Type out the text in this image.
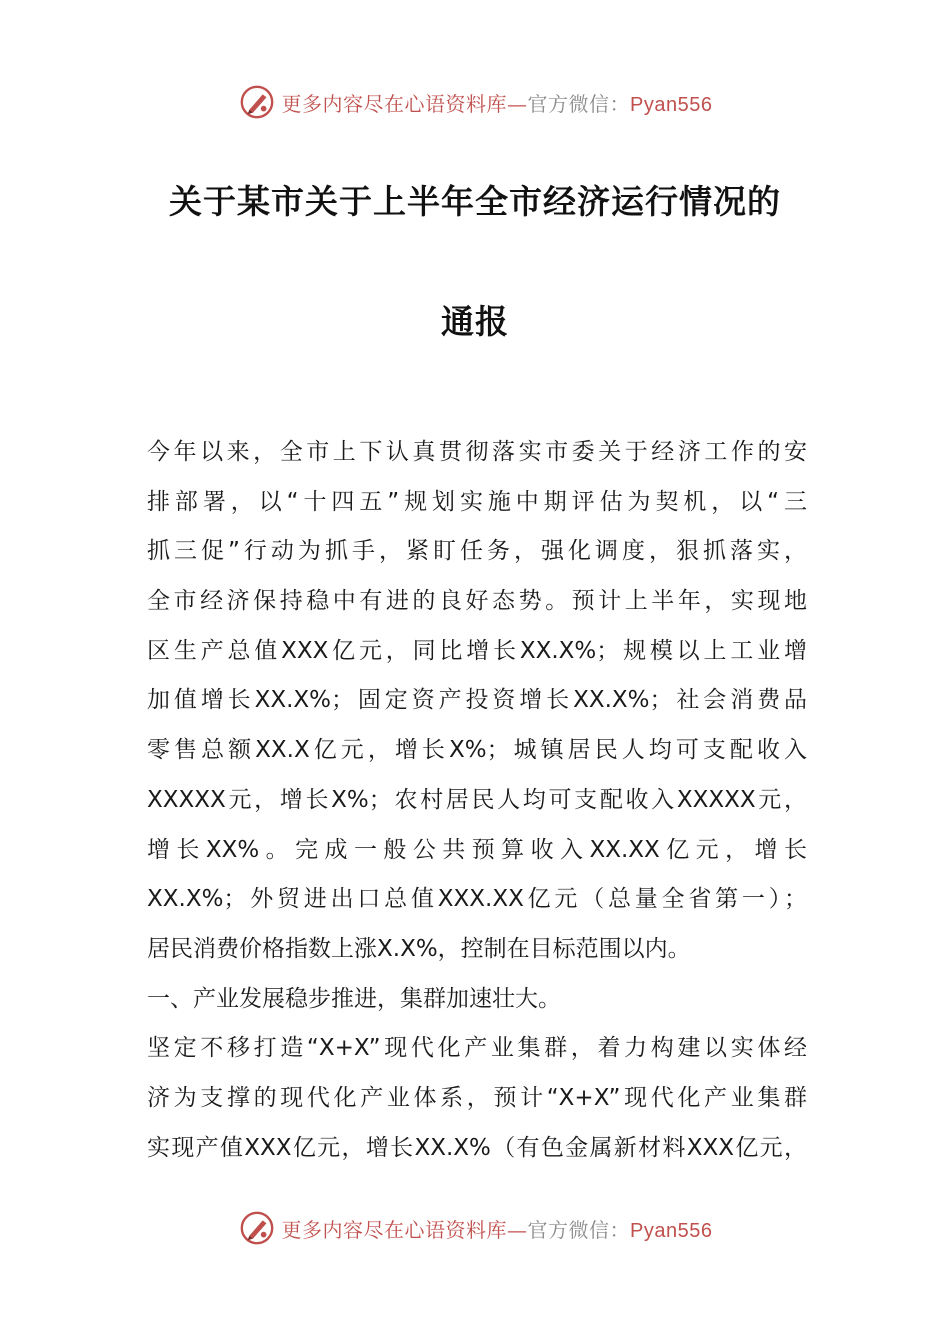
更多内容尽在心语资料库—官方微信：Pyan556
关于某市关于上半年全市经济运行情况的
通报
今年以来，全市上下认真贯彻落实市委关于经济工作的安
排部署，以“十四五”规划实施中期评估为契机，以“三
抓三促”行动为抓手，紧盯任务，强化调度，狠抓落实，
全市经济保持稳中有进的良好态势。预计上半年，实现地
区生产总值XXX亿元，同比增长XX.X%；规模以上工业增
加值增长XX.X%；固定资产投资增长XX.X%；社会消费品
零售总额XX.X亿元，增长X%；城镇居民人均可支配收入
XXXXX元，增长X%；农村居民人均可支配收入XXXXX元，
增长XX%。完成一般公共预算收入XX.XX亿元，增长
XX.X%；外贸进出口总值XXX.XX亿元（总量全省第一）；
居民消费价格指数上涨X.X%，控制在目标范围以内。
一、产业发展稳步推进，集群加速壮大。
坚定不移打造“X+X”现代化产业集群，着力构建以实体经
济为支撑的现代化产业体系，预计“X+X”现代化产业集群
实现产值XXX亿元，增长XX.X%（有色金属新材料XXX亿元，
更多内容尽在心语资料库—官方微信：Pyan556
